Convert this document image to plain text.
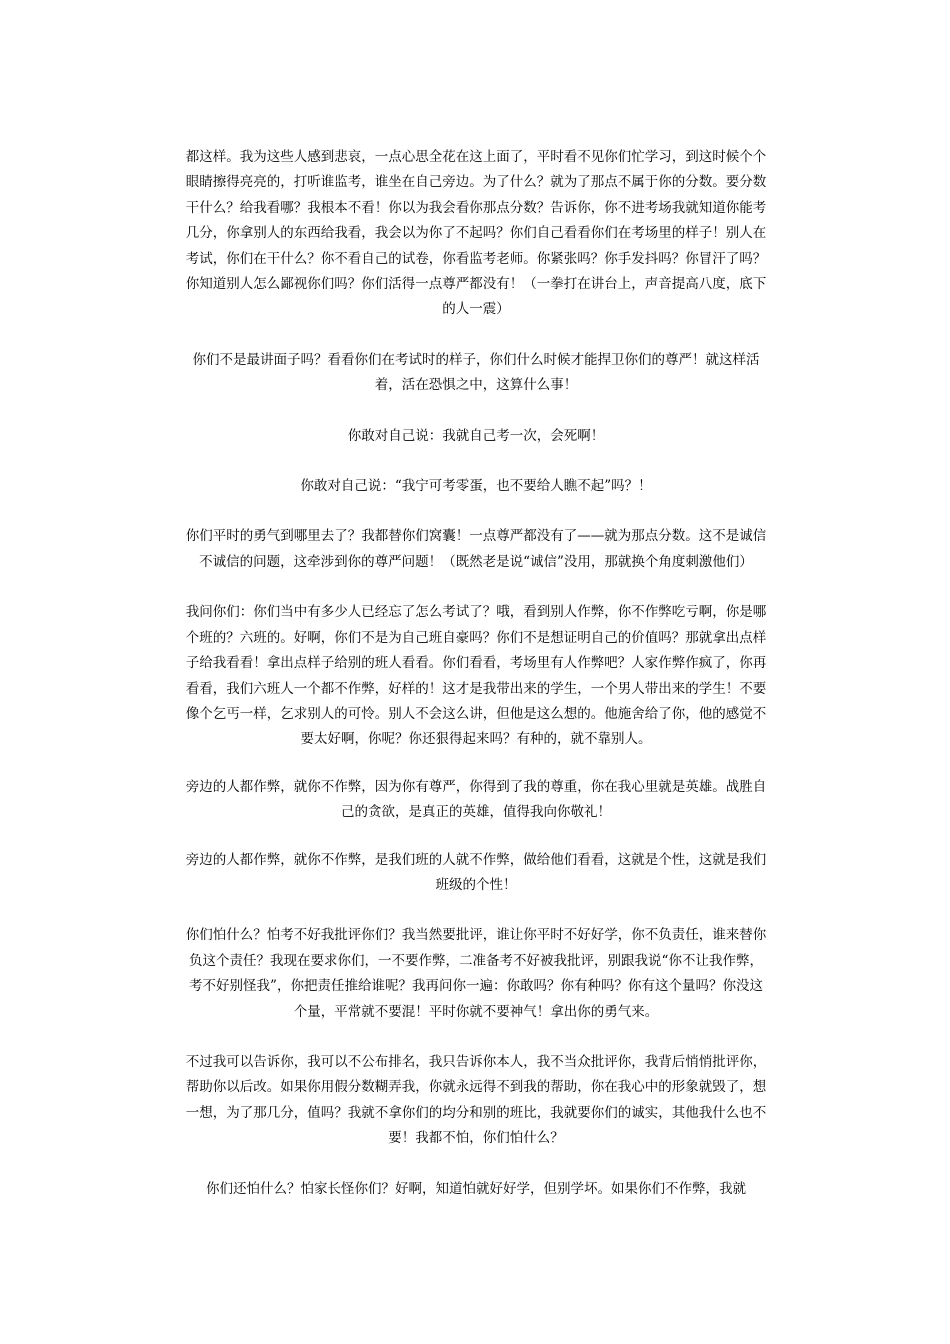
都这样。我为这些人感到悲哀，一点心思全花在这上面了，平时看不见你们忙学习，到这时候个个眼睛擦得亮亮的，打听谁监考，谁坐在自己旁边。为了什么？就为了那点不属于你的分数。要分数干什么？给我看哪？我根本不看！你以为我会看你那点分数？告诉你，你不进考场我就知道你能考几分，你拿别人的东西给我看，我会以为你了不起吗？你们自己看看你们在考场里的样子！别人在考试，你们在干什么？你不看自己的试卷，你看监考老师。你紧张吗？你手发抖吗？你冒汗了吗？你知道别人怎么鄙视你们吗？你们活得一点尊严都没有！（一拳打在讲台上，声音提高八度，底下的人一震）

你们不是最讲面子吗？看看你们在考试时的样子，你们什么时候才能捍卫你们的尊严！就这样活着，活在恐惧之中，这算什么事！

你敢对自己说：我就自己考一次，会死啊！

你敢对自己说：“我宁可考零蛋，也不要给人瞧不起”吗？！

你们平时的勇气到哪里去了？我都替你们窝囊！一点尊严都没有了——就为那点分数。这不是诚信不诚信的问题，这牵涉到你的尊严问题！（既然老是说“诚信”没用，那就换个角度刺激他们）

我问你们：你们当中有多少人已经忘了怎么考试了？哦，看到别人作弊，你不作弊吃亏啊，你是哪个班的？六班的。好啊，你们不是为自己班自豪吗？你们不是想证明自己的价值吗？那就拿出点样子给我看看！拿出点样子给别的班人看看。你们看看，考场里有人作弊吧？人家作弊作疯了，你再看看，我们六班人一个都不作弊，好样的！这才是我带出来的学生，一个男人带出来的学生！不要像个乞丐一样，乞求别人的可怜。别人不会这么讲，但他是这么想的。他施舍给了你，他的感觉不要太好啊，你呢？你还狠得起来吗？有种的，就不靠别人。

旁边的人都作弊，就你不作弊，因为你有尊严，你得到了我的尊重，你在我心里就是英雄。战胜自己的贪欲，是真正的英雄，值得我向你敬礼！

旁边的人都作弊，就你不作弊，是我们班的人就不作弊，做给他们看看，这就是个性，这就是我们班级的个性！

你们怕什么？怕考不好我批评你们？我当然要批评，谁让你平时不好好学，你不负责任，谁来替你负这个责任？我现在要求你们，一不要作弊，二准备考不好被我批评，别跟我说“你不让我作弊，考不好别怪我”，你把责任推给谁呢？我再问你一遍：你敢吗？你有种吗？你有这个量吗？你没这个量，平常就不要混！平时你就不要神气！拿出你的勇气来。

不过我可以告诉你，我可以不公布排名，我只告诉你本人，我不当众批评你，我背后悄悄批评你，帮助你以后改。如果你用假分数糊弄我，你就永远得不到我的帮助，你在我心中的形象就毁了，想一想，为了那几分，值吗？我就不拿你们的均分和别的班比，我就要你们的诚实，其他我什么也不要！我都不怕，你们怕什么？

你们还怕什么？怕家长怪你们？好啊，知道怕就好好学，但别学坏。如果你们不作弊，我就
